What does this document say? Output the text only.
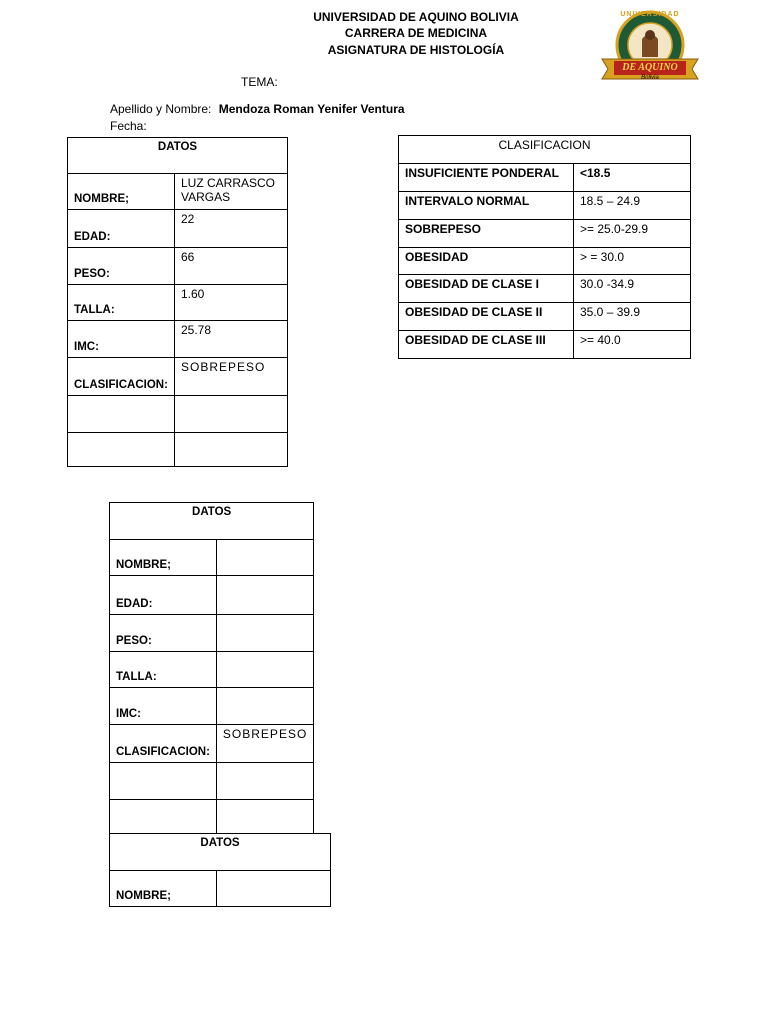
UNIVERSIDAD DE AQUINO BOLIVIA
CARRERA DE MEDICINA
ASIGNATURA DE HISTOLOGÍA
UNIVERSIDAD
DE AQUINO
Bolivia
TEMA:
Apellido y Nombre: Mendoza Roman Yenifer Ventura
Fecha:
DATOS	
NOMBRE;	LUZ CARRASCO VARGAS
EDAD:	22
PESO:	66
TALLA:	1.60
IMC:	25.78
CLASIFICACION:	SOBREPESO

CLASIFICACION	
INSUFICIENTE PONDERAL	<18.5
INTERVALO NORMAL	18.5 – 24.9
SOBREPESO	>= 25.0-29.9
OBESIDAD	> = 30.0
OBESIDAD DE CLASE I	30.0 -34.9
OBESIDAD DE CLASE II	35.0 – 39.9
OBESIDAD DE CLASE III	>= 40.0
DATOS	
NOMBRE;	
EDAD:	
PESO:	
TALLA:	
IMC:	
CLASIFICACION:	SOBREPESO

DATOS
NOMBRE;	
